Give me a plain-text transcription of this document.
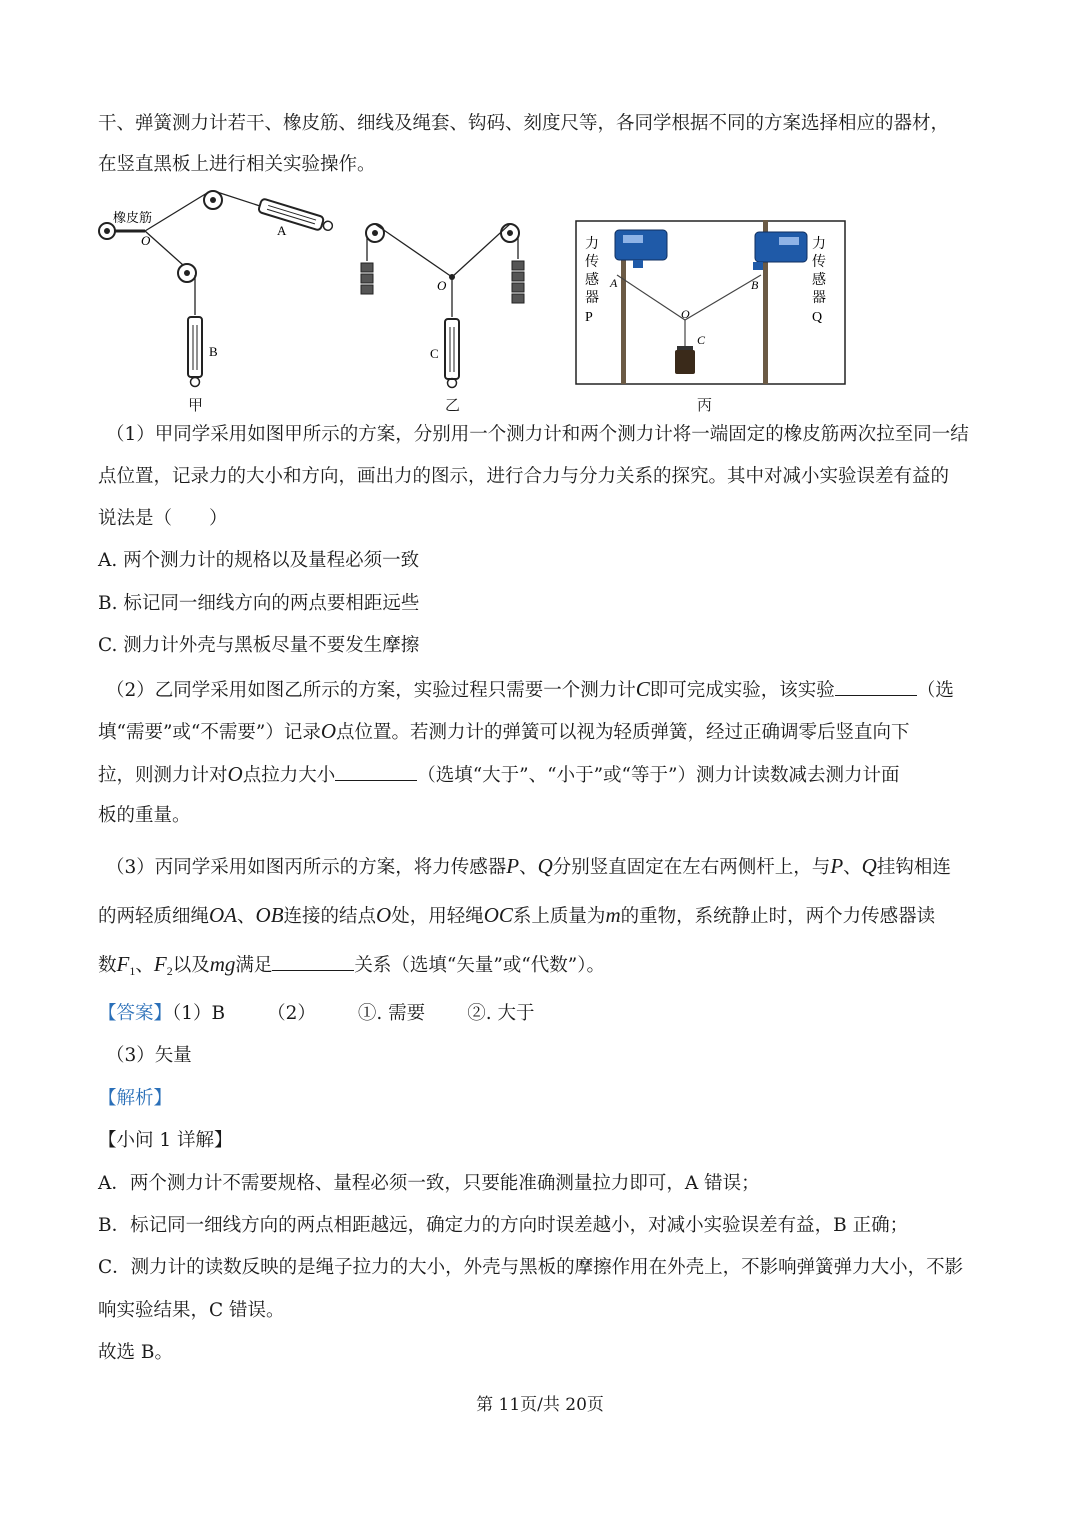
干、弹簧测力计若干、橡皮筋、细线及绳套、钩码、刻度尺等，各同学根据不同的方案选择相应的器材，
在竖直黑板上进行相关实验操作。
橡皮筋
O
A
B
甲
O
C
乙
A	B
O
C
力
传
感
器
P
力
传
感
器
Q
丙
（1）甲同学采用如图甲所示的方案，分别用一个测力计和两个测力计将一端固定的橡皮筋两次拉至同一结
点位置，记录力的大小和方向，画出力的图示，进行合力与分力关系的探究。其中对减小实验误差有益的
说法是（　　）
A. 两个测力计的规格以及量程必须一致
B. 标记同一细线方向的两点要相距远些
C. 测力计外壳与黑板尽量不要发生摩擦
（2）乙同学采用如图乙所示的方案，实验过程只需要一个测力计C即可完成实验，该实验	（选
填“需要”或“不需要”）记录O点位置。若测力计的弹簧可以视为轻质弹簧，经过正确调零后竖直向下
拉，则测力计对O点拉力大小	（选填“大于”、“小于”或“等于”）测力计读数减去测力计面
板的重量。
（3）丙同学采用如图丙所示的方案，将力传感器P、Q分别竖直固定在左右两侧杆上，与P、Q挂钩相连
的两轻质细绳OA、OB连接的结点O处，用轻绳OC系上质量为m的重物，系统静止时，两个力传感器读
数$F_1$、$F_2$以及mg满足	关系（选填“矢量”或“代数”）。
【答案】（1）B （2） ①. 需要 ②. 大于
（3）矢量
【解析】
【小问 1 详解】
A．两个测力计不需要规格、量程必须一致，只要能准确测量拉力即可，A 错误；
B．标记同一细线方向的两点相距越远，确定力的方向时误差越小，对减小实验误差有益，B 正确；
C．测力计的读数反映的是绳子拉力的大小，外壳与黑板的摩擦作用在外壳上，不影响弹簧弹力大小，不影
响实验结果，C 错误。
故选 B。
第 11页/共 20页
